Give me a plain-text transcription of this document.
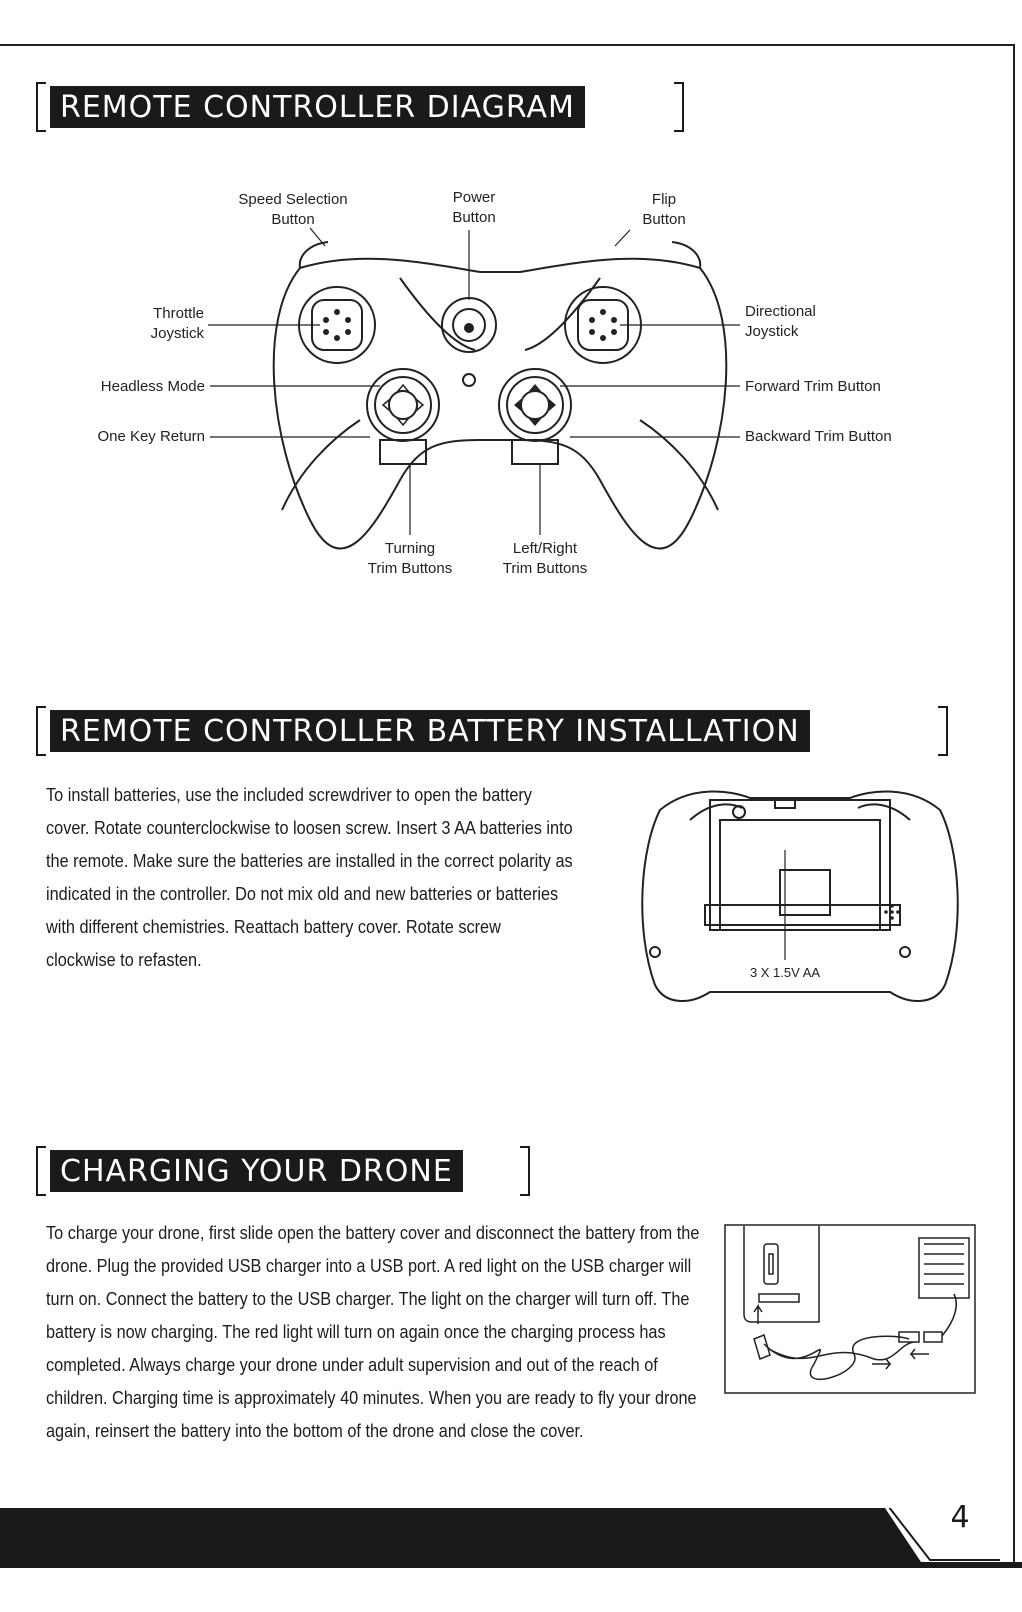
REMOTE CONTROLLER DIAGRAM
Speed Selection Button
Power Button
Flip Button
Throttle Joystick
Directional Joystick
Headless Mode
One Key Return
Forward Trim Button
Backward Trim Button
Turning Trim Buttons
Left/Right Trim Buttons
REMOTE CONTROLLER BATTERY INSTALLATION

To install batteries, use the included screwdriver to open the battery cover. Rotate counterclockwise to loosen screw. Insert 3 AA batteries into the remote. Make sure the batteries are installed in the correct polarity as indicated in the controller. Do not mix old and new batteries or batteries with different chemistries. Reattach battery cover. Rotate screw clockwise to refasten.

3 X 1.5V AA
CHARGING YOUR DRONE

To charge your drone, first slide open the battery cover and disconnect the battery from the drone. Plug the provided USB charger into a USB port. A red light on the USB charger will turn on. Connect the battery to the USB charger. The light on the charger will turn off. The battery is now charging. The red light will turn on again once the charging process has completed. Always charge your drone under adult supervision and out of the reach of children. Charging time is approximately 40 minutes. When you are ready to fly your drone again, reinsert the battery into the bottom of the drone and close the cover.

4
